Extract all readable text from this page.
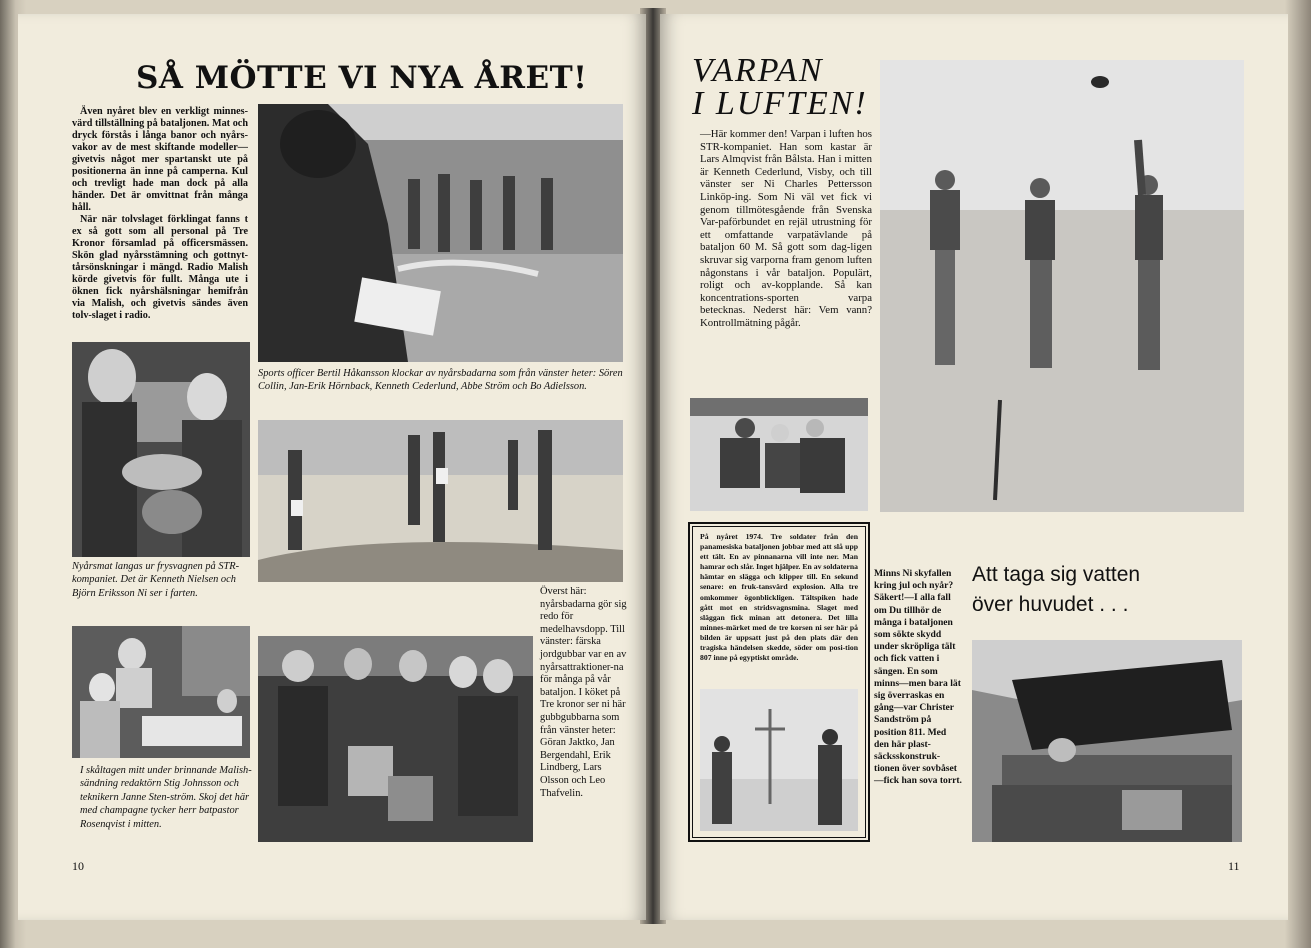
SÅ MÖTTE VI NYA ÅRET!
Även nyåret blev en verkligt minnes-värd tillställning på bataljonen. Mat och dryck förstås i långa banor och nyårs-vakor av de mest skiftande modeller—givetvis något mer spartanskt ute på positionerna än inne på camperna. Kul och trevligt hade man dock på alla händer. Det är omvittnat från många håll.
När när tolvslaget förklingat fanns t ex så gott som all personal på Tre Kronor församlad på officersmässen. Skön glad nyårsstämning och gottnyt-tårsönskningar i mängd. Radio Malish körde givetvis för fullt. Många ute i öknen fick nyårshälsningar hemifrån via Malish, och givetvis sändes även tolv-slaget i radio.
Sports officer Bertil Håkansson klockar av nyårsbadarna som från vänster heter: Sören Collin, Jan-Erik Hörnback, Kenneth Cederlund, Abbe Ström och Bo Adielsson.
Nyårsmat langas ur frysvagnen på STR-kompaniet. Det är Kenneth Nielsen och Björn Eriksson Ni ser i farten.	Överst här: nyårsbadarna gör sig redo för medelhavsdopp. Till vänster: färska jordgubbar var en av nyårsattraktioner-na för många på vår bataljon. I köket på Tre kronor ser ni här gubbgubbarna som från vänster heter: Göran Jaktko, Jan Bergendahl, Erik Lindberg, Lars Olsson och Leo Thafvelin.
I skåltagen mitt under brinnande Malish-sändning redaktörn Stig Johnsson och teknikern Janne Sten-ström. Skoj det här med champagne tycker herr batpastor Rosenqvist i mitten.
10
VARPAN
I LUFTEN!
—Här kommer den! Varpan i luften hos STR-kompaniet. Han som kastar är Lars Almqvist från Bålsta. Han i mitten är Kenneth Cederlund, Visby, och till vänster ser Ni Charles Pettersson Linköp-ing. Som Ni väl vet fick vi genom tillmötesgående från Svenska Var-paförbundet en rejäl utrustning för ett omfattande varpatävlande på bataljon 60 M. Så gott som dag-ligen skruvar sig varporna fram genom luften någonstans i vår bataljon. Populärt, roligt och av-kopplande. Så kan koncentrations-sporten varpa betecknas. Nederst här: Vem vann? Kontrollmätning pågår.
På nyåret 1974. Tre soldater från den panamesiska bataljonen jobbar med att slå upp ett tält. En av pinnanarna vill inte ner. Man hamrar och slår. Inget hjälper. En av soldaterna hämtar en slägga och klipper till. En sekund senare: en fruk-tansvärd explosion. Alla tre omkommer ögonblickligen. Tältspiken hade gått mot en stridsvagnsmina. Slaget med släggan fick minan att detonera. Det lilla minnes-märket med de tre korsen ni ser här på bilden är uppsatt just på den plats där den tragiska händelsen skedde, söder om posi-tion 807 inne på egyptiskt område.
Minns Ni skyfallen kring jul och nyår? Säkert!—I alla fall om Du tillhör de många i bataljonen som sökte skydd under skröpliga tält och fick vatten i sängen. En som minns—men bara lät sig överraskas en gång—var Christer Sandström på position 811. Med den här plast-säcksskonstruk-tionen över sovbåset—fick han sova torrt.
Att taga sig vatten
över huvudet . . .
11
